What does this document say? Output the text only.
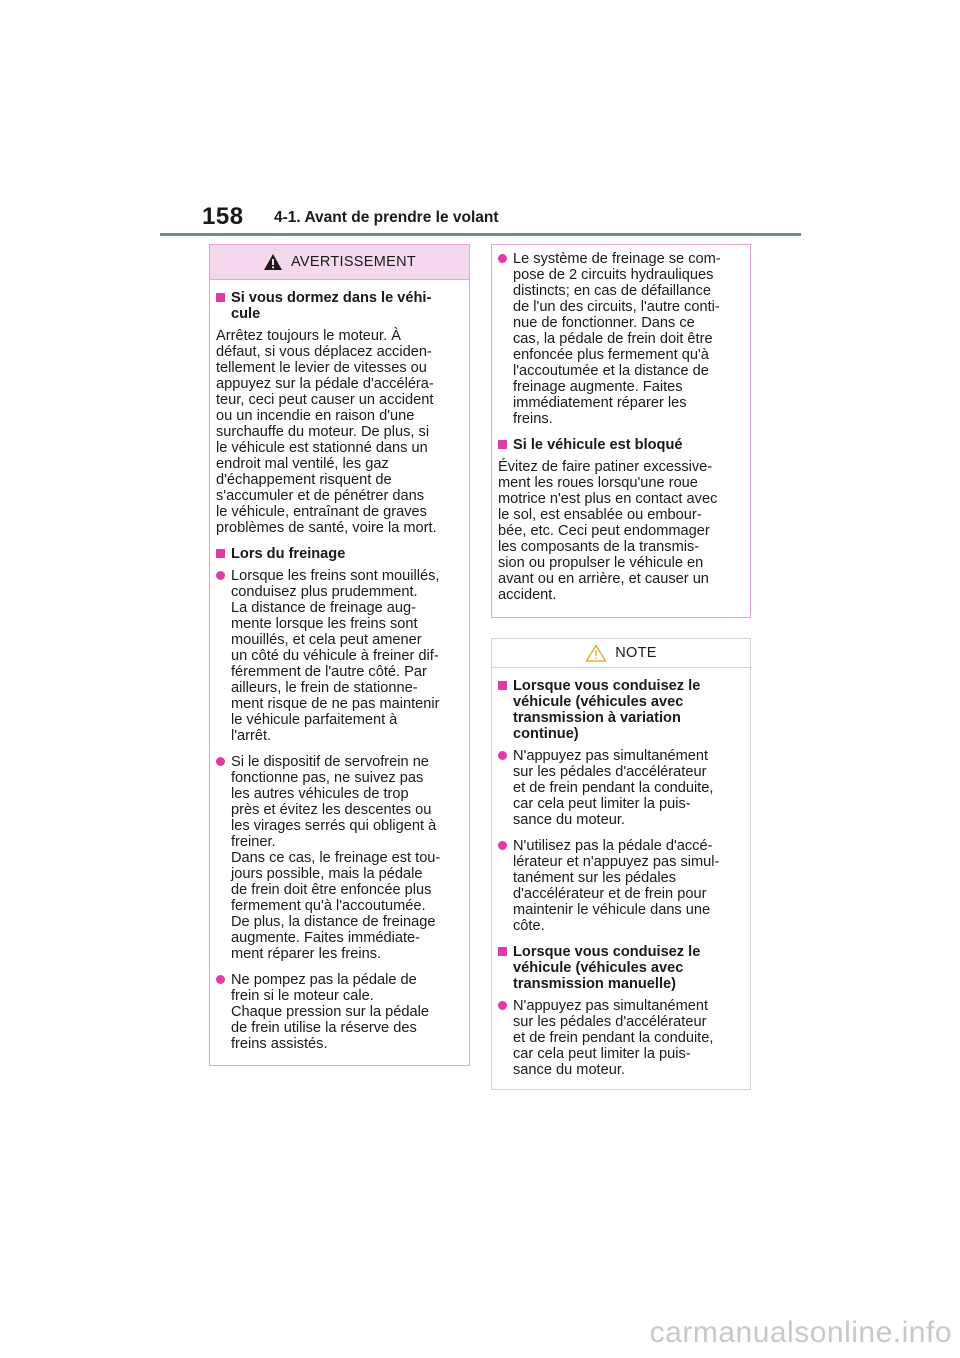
158 4-1. Avant de prendre le volant
AVERTISSEMENT
Si vous dormez dans le véhi-
cule
Arrêtez toujours le moteur. À
défaut, si vous déplacez acciden-
tellement le levier de vitesses ou
appuyez sur la pédale d'accéléra-
teur, ceci peut causer un accident
ou un incendie en raison d'une
surchauffe du moteur. De plus, si
le véhicule est stationné dans un
endroit mal ventilé, les gaz
d'échappement risquent de
s'accumuler et de pénétrer dans
le véhicule, entraînant de graves
problèmes de santé, voire la mort.
Lors du freinage
Lorsque les freins sont mouillés,
conduisez plus prudemment.
La distance de freinage aug-
mente lorsque les freins sont
mouillés, et cela peut amener
un côté du véhicule à freiner dif-
féremment de l'autre côté. Par
ailleurs, le frein de stationne-
ment risque de ne pas maintenir
le véhicule parfaitement à
l'arrêt.
Si le dispositif de servofrein ne
fonctionne pas, ne suivez pas
les autres véhicules de trop
près et évitez les descentes ou
les virages serrés qui obligent à
freiner.
Dans ce cas, le freinage est tou-
jours possible, mais la pédale
de frein doit être enfoncée plus
fermement qu'à l'accoutumée.
De plus, la distance de freinage
augmente. Faites immédiate-
ment réparer les freins.
Ne pompez pas la pédale de
frein si le moteur cale.
Chaque pression sur la pédale
de frein utilise la réserve des
freins assistés.
Le système de freinage se com-
pose de 2 circuits hydrauliques
distincts; en cas de défaillance
de l'un des circuits, l'autre conti-
nue de fonctionner. Dans ce
cas, la pédale de frein doit être
enfoncée plus fermement qu'à
l'accoutumée et la distance de
freinage augmente. Faites
immédiatement réparer les
freins.
Si le véhicule est bloqué
Évitez de faire patiner excessive-
ment les roues lorsqu'une roue
motrice n'est plus en contact avec
le sol, est ensablée ou embour-
bée, etc. Ceci peut endommager
les composants de la transmis-
sion ou propulser le véhicule en
avant ou en arrière, et causer un
accident.
NOTE
Lorsque vous conduisez le
véhicule (véhicules avec
transmission à variation
continue)
N'appuyez pas simultanément
sur les pédales d'accélérateur
et de frein pendant la conduite,
car cela peut limiter la puis-
sance du moteur.
N'utilisez pas la pédale d'accé-
lérateur et n'appuyez pas simul-
tanément sur les pédales
d'accélérateur et de frein pour
maintenir le véhicule dans une
côte.
Lorsque vous conduisez le
véhicule (véhicules avec
transmission manuelle)
N'appuyez pas simultanément
sur les pédales d'accélérateur
et de frein pendant la conduite,
car cela peut limiter la puis-
sance du moteur.
carmanualsonline.info
